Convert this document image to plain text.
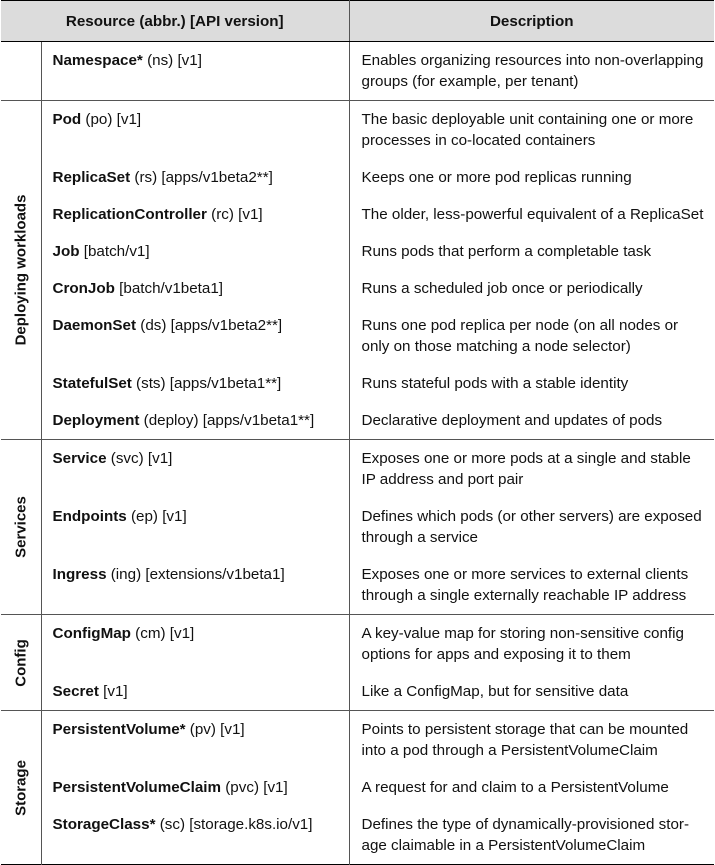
Resource (abbr.) [API version]		Description

	Namespace* (ns) [v1]	Enables organizing resources into non-overlapping groups (for example, per tenant)

Deploying workloads	Pod (po) [v1]	The basic deployable unit containing one or more processes in co-located containers
	ReplicaSet (rs) [apps/v1beta2**]	Keeps one or more pod replicas running
	ReplicationController (rc) [v1]	The older, less-powerful equivalent of a ReplicaSet
	Job [batch/v1]	Runs pods that perform a completable task
	CronJob [batch/v1beta1]	Runs a scheduled job once or periodically
	DaemonSet (ds) [apps/v1beta2**]	Runs one pod replica per node (on all nodes or only on those matching a node selector)
	StatefulSet (sts) [apps/v1beta1**]	Runs stateful pods with a stable identity
	Deployment (deploy) [apps/v1beta1**]	Declarative deployment and updates of pods

Services	Service (svc) [v1]	Exposes one or more pods at a single and stable IP address and port pair
	Endpoints (ep) [v1]	Defines which pods (or other servers) are exposed through a service
	Ingress (ing) [extensions/v1beta1]	Exposes one or more services to external clients through a single externally reachable IP address

Config	ConfigMap (cm) [v1]	A key-value map for storing non-sensitive config options for apps and exposing it to them
	Secret [v1]	Like a ConfigMap, but for sensitive data

Storage	PersistentVolume* (pv) [v1]	Points to persistent storage that can be mounted into a pod through a PersistentVolumeClaim
	PersistentVolumeClaim (pvc) [v1]	A request for and claim to a PersistentVolume
	StorageClass* (sc) [storage.k8s.io/v1]	Defines the type of dynamically-provisioned stor-age claimable in a PersistentVolumeClaim
